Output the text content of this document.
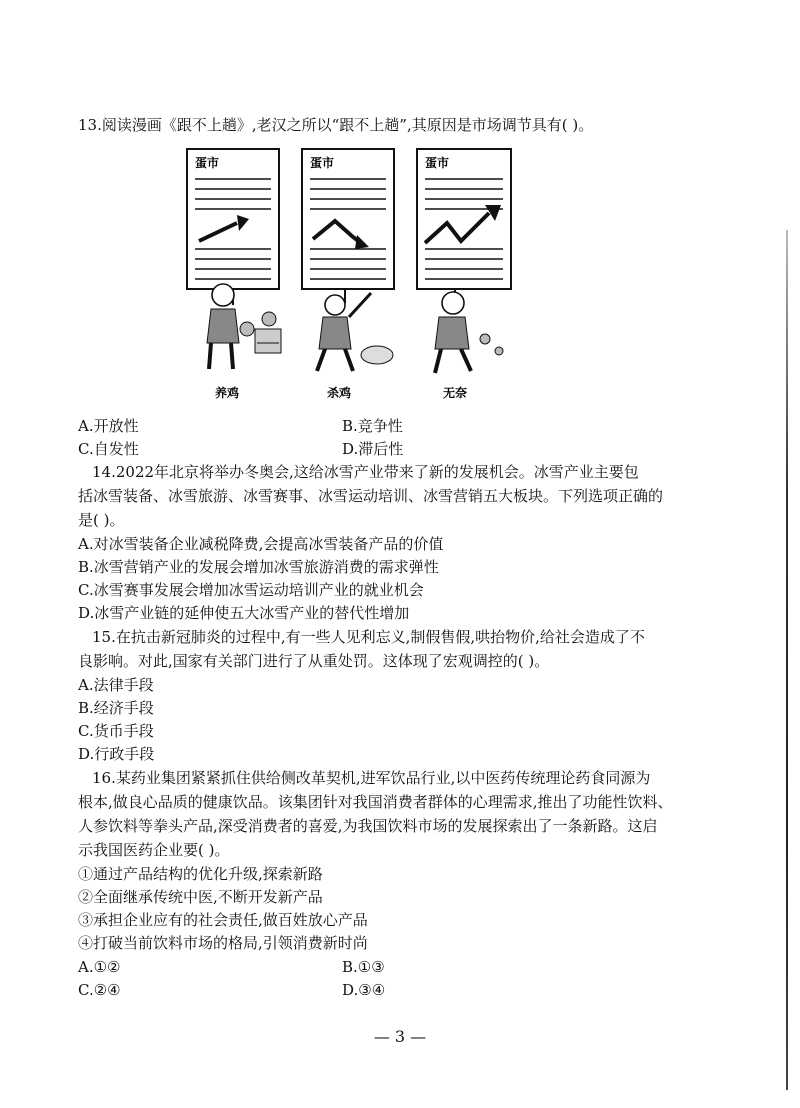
13.阅读漫画《跟不上趟》,老汉之所以“跟不上趟”,其原因是市场调节具有( )。
蛋市
养鸡
蛋市
杀鸡
蛋市
无奈
A.开放性	B.竞争性
C.自发性	D.滞后性
14.2022年北京将举办冬奥会,这给冰雪产业带来了新的发展机会。冰雪产业主要包
括冰雪装备、冰雪旅游、冰雪赛事、冰雪运动培训、冰雪营销五大板块。下列选项正确的
是( )。
A.对冰雪装备企业减税降费,会提高冰雪装备产品的价值
B.冰雪营销产业的发展会增加冰雪旅游消费的需求弹性
C.冰雪赛事发展会增加冰雪运动培训产业的就业机会
D.冰雪产业链的延伸使五大冰雪产业的替代性增加
15.在抗击新冠肺炎的过程中,有一些人见利忘义,制假售假,哄抬物价,给社会造成了不
良影响。对此,国家有关部门进行了从重处罚。这体现了宏观调控的( )。
A.法律手段
B.经济手段
C.货币手段
D.行政手段
16.某药业集团紧紧抓住供给侧改革契机,进军饮品行业,以中医药传统理论药食同源为
根本,做良心品质的健康饮品。该集团针对我国消费者群体的心理需求,推出了功能性饮料、
人参饮料等拳头产品,深受消费者的喜爱,为我国饮料市场的发展探索出了一条新路。这启
示我国医药企业要( )。
①通过产品结构的优化升级,探索新路
②全面继承传统中医,不断开发新产品
③承担企业应有的社会责任,做百姓放心产品
④打破当前饮料市场的格局,引领消费新时尚
A.①②	B.①③
C.②④	D.③④
— 3 —
